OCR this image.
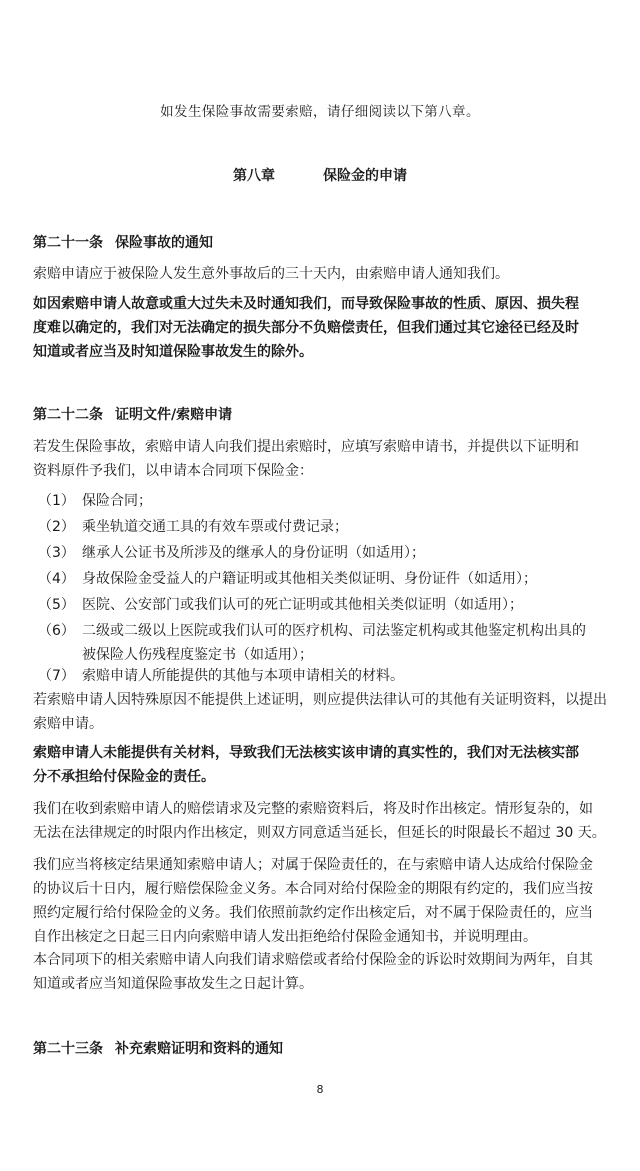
如发生保险事故需要索赔，请仔细阅读以下第八章。
第八章	保险金的申请
第二十一条 保险事故的通知
索赔申请应于被保险人发生意外事故后的三十天内，由索赔申请人通知我们。
如因索赔申请人故意或重大过失未及时通知我们，而导致保险事故的性质、原因、损失程
度难以确定的，我们对无法确定的损失部分不负赔偿责任，但我们通过其它途径已经及时
知道或者应当及时知道保险事故发生的除外。
第二十二条 证明文件/索赔申请
若发生保险事故，索赔申请人向我们提出索赔时，应填写索赔申请书，并提供以下证明和
资料原件予我们，以申请本合同项下保险金：
（1） 保险合同；
（2） 乘坐轨道交通工具的有效车票或付费记录；
（3） 继承人公证书及所涉及的继承人的身份证明（如适用）；
（4） 身故保险金受益人的户籍证明或其他相关类似证明、身份证件（如适用）；
（5） 医院、公安部门或我们认可的死亡证明或其他相关类似证明（如适用）；
（6） 二级或二级以上医院或我们认可的医疗机构、司法鉴定机构或其他鉴定机构出具的
被保险人伤残程度鉴定书（如适用）；
（7） 索赔申请人所能提供的其他与本项申请相关的材料。
若索赔申请人因特殊原因不能提供上述证明，则应提供法律认可的其他有关证明资料，以提出
索赔申请。
索赔申请人未能提供有关材料，导致我们无法核实该申请的真实性的，我们对无法核实部
分不承担给付保险金的责任。
我们在收到索赔申请人的赔偿请求及完整的索赔资料后，将及时作出核定。情形复杂的，如
无法在法律规定的时限内作出核定，则双方同意适当延长，但延长的时限最长不超过 30 天。
我们应当将核定结果通知索赔申请人；对属于保险责任的，在与索赔申请人达成给付保险金
的协议后十日内，履行赔偿保险金义务。本合同对给付保险金的期限有约定的，我们应当按
照约定履行给付保险金的义务。我们依照前款约定作出核定后，对不属于保险责任的，应当
自作出核定之日起三日内向索赔申请人发出拒绝给付保险金通知书，并说明理由。
本合同项下的相关索赔申请人向我们请求赔偿或者给付保险金的诉讼时效期间为两年，自其
知道或者应当知道保险事故发生之日起计算。
第二十三条 补充索赔证明和资料的通知
8
